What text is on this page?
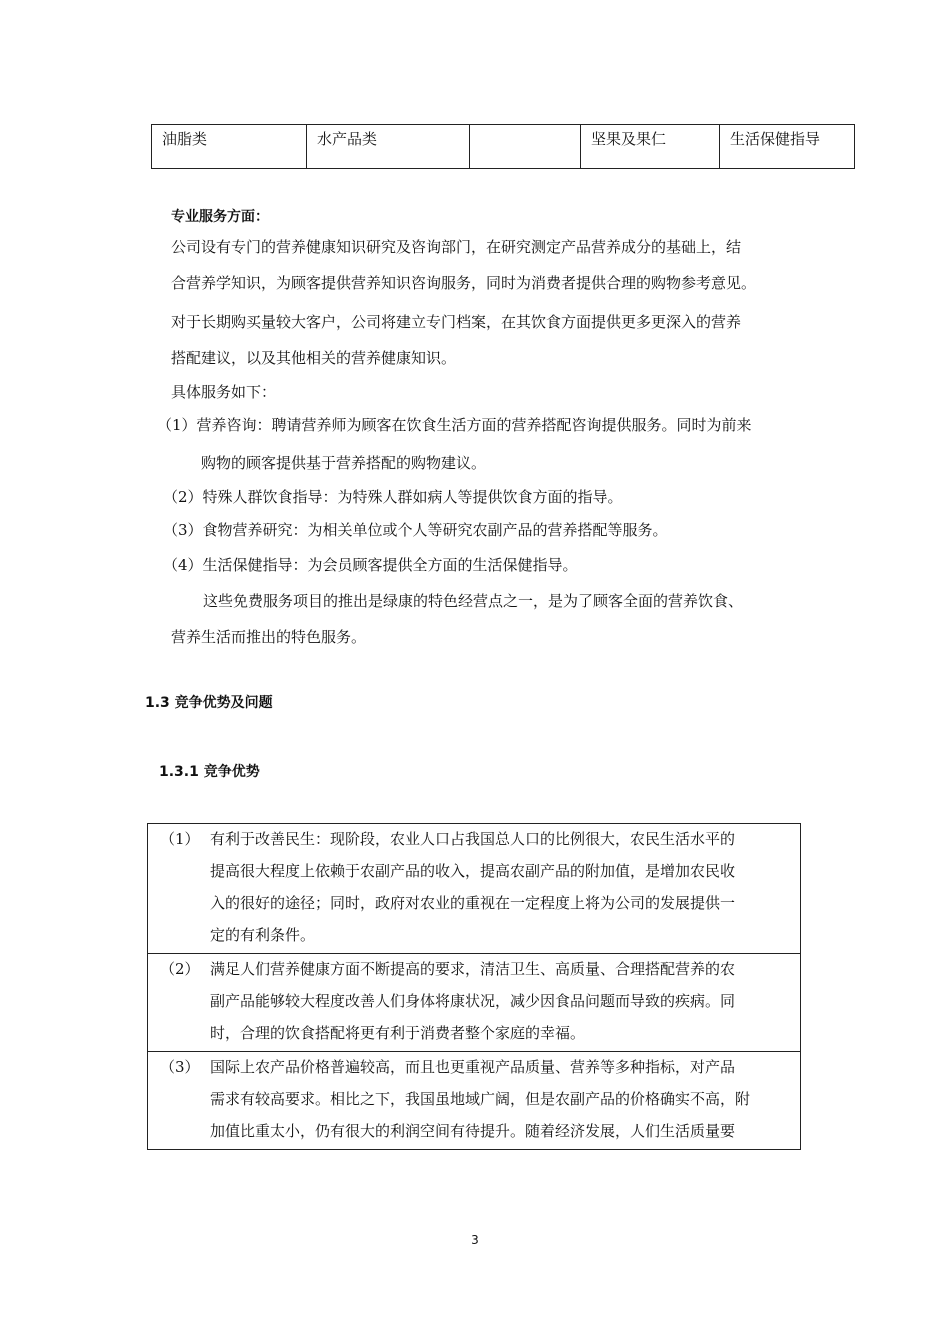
油脂类	水产品类		坚果及果仁	生活保健指导
专业服务方面：
公司设有专门的营养健康知识研究及咨询部门，在研究测定产品营养成分的基础上，结
合营养学知识，为顾客提供营养知识咨询服务，同时为消费者提供合理的购物参考意见。
对于长期购买量较大客户，公司将建立专门档案，在其饮食方面提供更多更深入的营养
搭配建议，以及其他相关的营养健康知识。
具体服务如下：
（1）营养咨询：聘请营养师为顾客在饮食生活方面的营养搭配咨询提供服务。同时为前来
购物的顾客提供基于营养搭配的购物建议。
（2）特殊人群饮食指导：为特殊人群如病人等提供饮食方面的指导。
（3）食物营养研究：为相关单位或个人等研究农副产品的营养搭配等服务。
（4）生活保健指导：为会员顾客提供全方面的生活保健指导。
这些免费服务项目的推出是绿康的特色经营点之一，是为了顾客全面的营养饮食、
营养生活而推出的特色服务。
1.3 竞争优势及问题
1.3.1 竞争优势
（1）	有利于改善民生：现阶段，农业人口占我国总人口的比例很大，农民生活水平的
提高很大程度上依赖于农副产品的收入，提高农副产品的附加值，是增加农民收
入的很好的途径；同时，政府对农业的重视在一定程度上将为公司的发展提供一
定的有利条件。

（2）	满足人们营养健康方面不断提高的要求，清洁卫生、高质量、合理搭配营养的农
副产品能够较大程度改善人们身体将康状况，减少因食品问题而导致的疾病。同
时，合理的饮食搭配将更有利于消费者整个家庭的幸福。

（3）	国际上农产品价格普遍较高，而且也更重视产品质量、营养等多种指标，对产品
需求有较高要求。相比之下，我国虽地域广阔，但是农副产品的价格确实不高，附
加值比重太小，仍有很大的利润空间有待提升。随着经济发展，人们生活质量要
3
